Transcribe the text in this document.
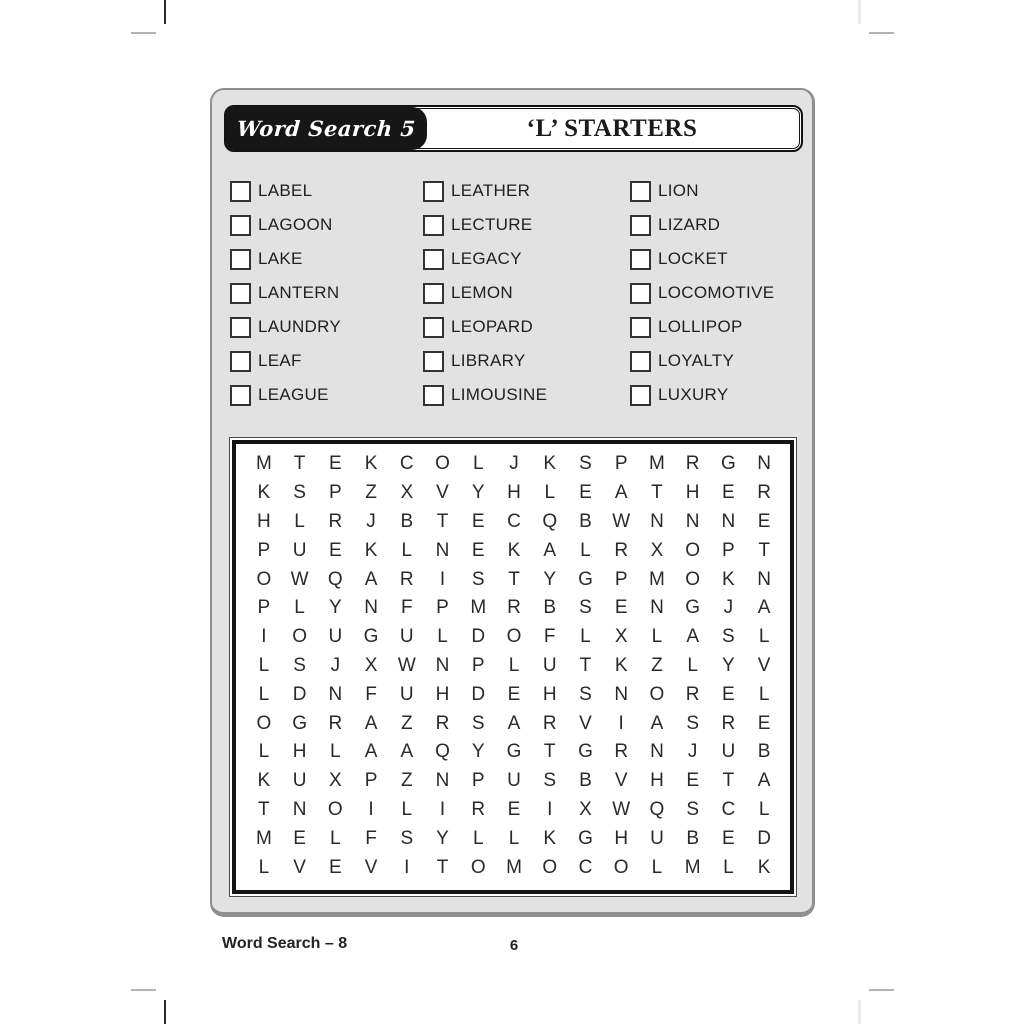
Word Search 5	‘L’ STARTERS
LABEL
LAGOON
LAKE
LANTERN
LAUNDRY
LEAF
LEAGUE
LEATHER
LECTURE
LEGACY
LEMON
LEOPARD
LIBRARY
LIMOUSINE
LION
LIZARD
LOCKET
LOCOMOTIVE
LOLLIPOP
LOYALTY
LUXURY
M	T	E	K	C	O	L	J	K	S	P	M	R	G	N
K	S	P	Z	X	V	Y	H	L	E	A	T	H	E	R
H	L	R	J	B	T	E	C	Q	B	W	N	N	N	E
P	U	E	K	L	N	E	K	A	L	R	X	O	P	T
O	W	Q	A	R	I	S	T	Y	G	P	M	O	K	N
P	L	Y	N	F	P	M	R	B	S	E	N	G	J	A
I	O	U	G	U	L	D	O	F	L	X	L	A	S	L
L	S	J	X	W	N	P	L	U	T	K	Z	L	Y	V
L	D	N	F	U	H	D	E	H	S	N	O	R	E	L
O	G	R	A	Z	R	S	A	R	V	I	A	S	R	E
L	H	L	A	A	Q	Y	G	T	G	R	N	J	U	B
K	U	X	P	Z	N	P	U	S	B	V	H	E	T	A
T	N	O	I	L	I	R	E	I	X	W	Q	S	C	L
M	E	L	F	S	Y	L	L	K	G	H	U	B	E	D
L	V	E	V	I	T	O	M	O	C	O	L	M	L	K
Word Search – 8	6
